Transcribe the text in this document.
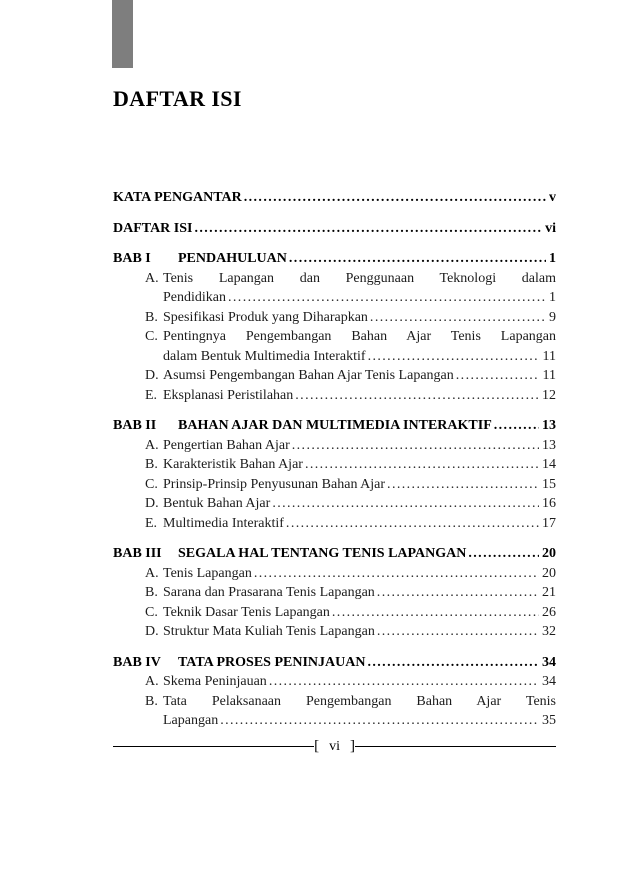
DAFTAR ISI
KATA PENGANTAR .....	v
DAFTAR ISI .....	vi
BAB I	PENDAHULUAN .....	1
A. Tenis Lapangan dan Penggunaan Teknologi dalam
Pendidikan .....	1
B. Spesifikasi Produk yang Diharapkan .....	9
C. Pentingnya Pengembangan Bahan Ajar Tenis Lapangan
dalam Bentuk Multimedia Interaktif .....	11
D. Asumsi Pengembangan Bahan Ajar Tenis Lapangan .....	11
E. Eksplanasi Peristilahan .....	12
BAB II	BAHAN AJAR DAN MULTIMEDIA INTERAKTIF .....	13
A. Pengertian Bahan Ajar .....	13
B. Karakteristik Bahan Ajar .....	14
C. Prinsip-Prinsip Penyusunan Bahan Ajar .....	15
D. Bentuk Bahan Ajar .....	16
E. Multimedia Interaktif .....	17
BAB III	SEGALA HAL TENTANG TENIS LAPANGAN .....	20
A. Tenis Lapangan .....	20
B. Sarana dan Prasarana Tenis Lapangan .....	21
C. Teknik Dasar Tenis Lapangan .....	26
D. Struktur Mata Kuliah Tenis Lapangan .....	32
BAB IV	TATA PROSES PENINJAUAN .....	34
A. Skema Peninjauan .....	34
B. Tata Pelaksanaan Pengembangan Bahan Ajar Tenis
Lapangan .....	35
[ vi ]
